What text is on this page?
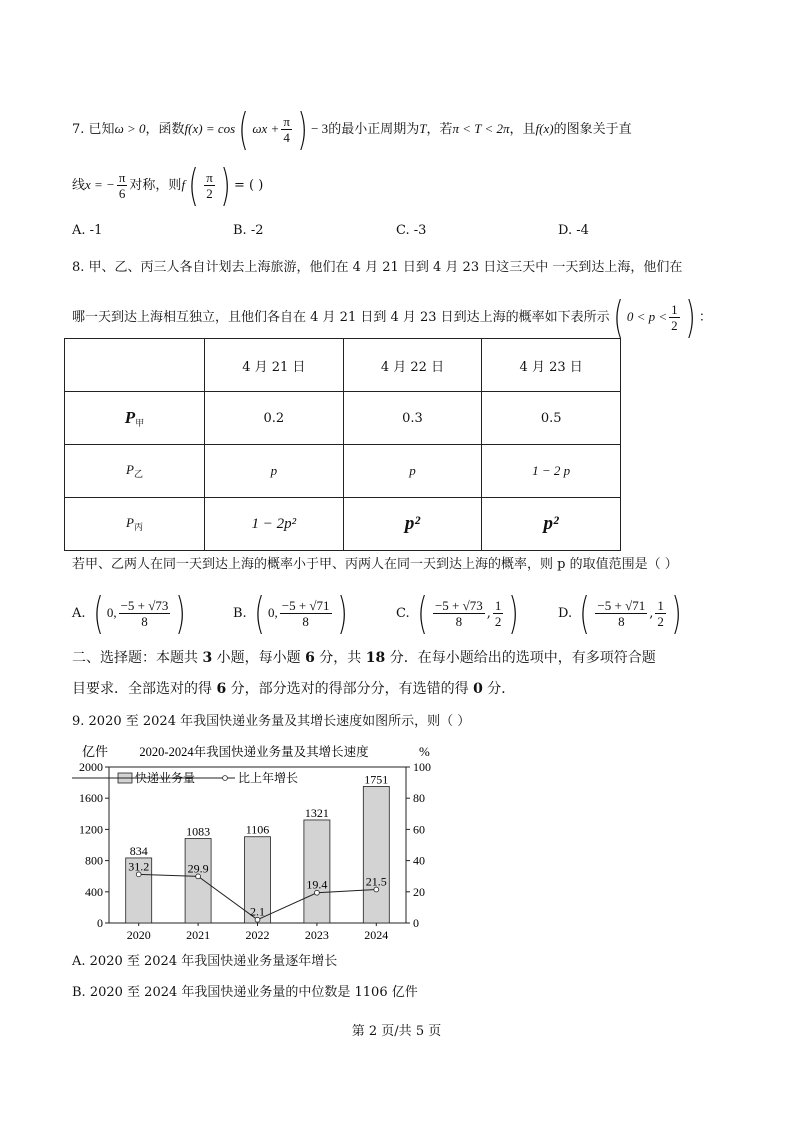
7. 已知ω > 0，函数f(x) = cos( $\omega x + \frac{\pi}{4}$ ) − 3的最小正周期为T，若π < T < 2π，且f(x)的图象关于直
线x = − $\frac{\pi}{6}$ 对称，则$f( \frac{\pi}{2}$ ) = ( )
A. -1	B. -2	C. -3	D. -4
8. 甲、乙、丙三人各自计划去上海旅游，他们在 4 月 21 日到 4 月 23 日这三天中 一天到达上海，他们在
哪一天到达上海相互独立，且他们各自在 4 月 21 日到 4 月 23 日到达上海的概率如下表所示( $0 < p < \frac{1}{2}$ ) ：
	4 月 21 日	4 月 22 日	4 月 23 日
$P_甲$	0.2	0.3	0.5
$P_乙$	p	p	1 − 2 p
$P_丙$	1 − 2p²	p²	p²
若甲、乙两人在同一天到达上海的概率小于甲、丙两人在同一天到达上海的概率，则 p 的取值范围是（ ）
A. ( 0, $\frac{-5 + √73}{8}$ )	B. ( 0, $\frac{-5 + √71}{8}$ )	C. ( $\frac{-5 + √73}{8}$ , $\frac{1}{2}$ )	D. ( $\frac{-5 + √71}{8}$ , $\frac{1}{2}$ )
二、选择题：本题共 3 小题，每小题 6 分，共 18 分．在每小题给出的选项中，有多项符合题
目要求．全部选对的得 6 分，部分选对的得部分分，有选错的得 0 分．
9. 2020 至 2024 年我国快递业务量及其增长速度如图所示，则（ ）
亿件	2020-2024年我国快递业务量及其增长速度	%
0
400
800
1200
1600
2000
0
20
40
60
80
100
834
1083	1106
1321
1751
2020	2021	2022	2023	2024
31.2	29.9
2.1
19.4	21.5
快递业务量	比上年增长
A. 2020 至 2024 年我国快递业务量逐年增长
B. 2020 至 2024 年我国快递业务量的中位数是 1106 亿件
第 2 页/共 5 页
